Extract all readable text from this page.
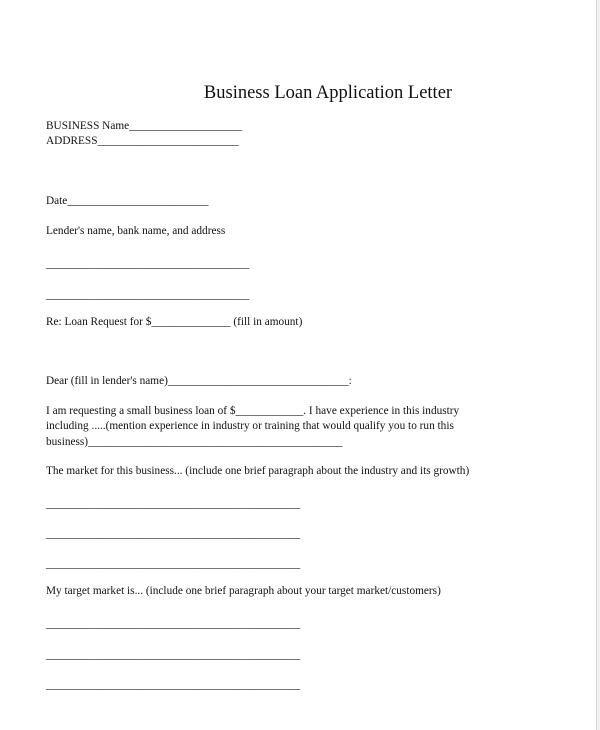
Business Loan Application Letter
BUSINESS Name____________________
ADDRESS_________________________
Date_________________________
Lender's name, bank name, and address
____________________________________
____________________________________
Re: Loan Request for $______________ (fill in amount)
Dear (fill in lender's name)________________________________:
I am requesting a small business loan of $____________. I have experience in this industry
including .....(mention experience in industry or training that would qualify you to run this
business)_____________________________________________
The market for this business... (include one brief paragraph about the industry and its growth)
_____________________________________________
_____________________________________________
_____________________________________________
My target market is... (include one brief paragraph about your target market/customers)
_____________________________________________
_____________________________________________
_____________________________________________
